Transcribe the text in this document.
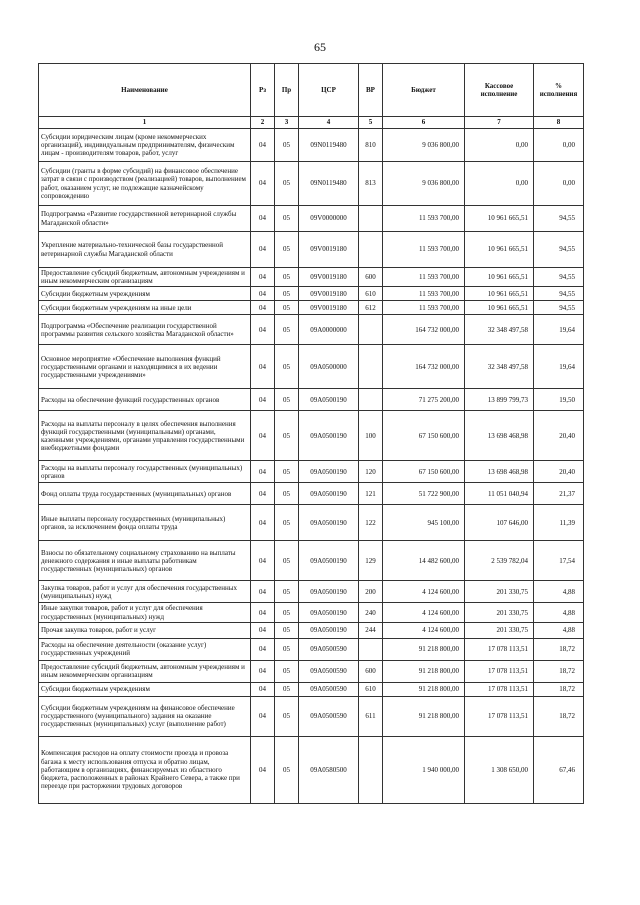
65
Наименование	Рз	Пр	ЦСР	ВР	Бюджет	Кассовое исполнение	% исполнения
1	2	3	4	5	6	7	8
Субсидии юридическим лицам (кроме некоммерческих организаций), индивидуальным предпринимателям, физическим лицам - производителям товаров, работ, услуг	04	05	09N0119480	810	9 036 800,00	0,00	0,00
Субсидии (гранты в форме субсидий) на финансовое обеспечение затрат в связи с производством (реализацией) товаров, выполнением работ, оказанием услуг, не подлежащие казначейскому сопровождению	04	05	09N0119480	813	9 036 800,00	0,00	0,00
Подпрограмма «Развитие государственной ветеринарной службы Магаданской области»	04	05	09V0000000		11 593 700,00	10 961 665,51	94,55
Укрепление материально-технической базы государственной ветеринарной службы Магаданской области	04	05	09V0019180		11 593 700,00	10 961 665,51	94,55
Предоставление субсидий бюджетным, автономным учреждениям и иным некоммерческим организациям	04	05	09V0019180	600	11 593 700,00	10 961 665,51	94,55
Субсидии бюджетным учреждениям	04	05	09V0019180	610	11 593 700,00	10 961 665,51	94,55
Субсидии бюджетным учреждениям на иные цели	04	05	09V0019180	612	11 593 700,00	10 961 665,51	94,55
Подпрограмма «Обеспечение реализации государственной программы развития сельского хозяйства Магаданской области»	04	05	09A0000000		164 732 000,00	32 348 497,58	19,64
Основное мероприятие «Обеспечение выполнения функций государственными органами и находящимися в их ведении государственными учреждениями»	04	05	09A0500000		164 732 000,00	32 348 497,58	19,64
Расходы на обеспечение функций государственных органов	04	05	09A0500190		71 275 200,00	13 899 799,73	19,50
Расходы на выплаты персоналу в целях обеспечения выполнения функций государственными (муниципальными) органами, казенными учреждениями, органами управления государственными внебюджетными фондами	04	05	09A0500190	100	67 150 600,00	13 698 468,98	20,40
Расходы на выплаты персоналу государственных (муниципальных) органов	04	05	09A0500190	120	67 150 600,00	13 698 468,98	20,40
Фонд оплаты труда государственных (муниципальных) органов	04	05	09A0500190	121	51 722 900,00	11 051 040,94	21,37
Иные выплаты персоналу государственных (муниципальных) органов, за исключением фонда оплаты труда	04	05	09A0500190	122	945 100,00	107 646,00	11,39
Взносы по обязательному социальному страхованию на выплаты денежного содержания и иные выплаты работникам государственных (муниципальных) органов	04	05	09A0500190	129	14 482 600,00	2 539 782,04	17,54
Закупка товаров, работ и услуг для обеспечения государственных (муниципальных) нужд	04	05	09A0500190	200	4 124 600,00	201 330,75	4,88
Иные закупки товаров, работ и услуг для обеспечения государственных (муниципальных) нужд	04	05	09A0500190	240	4 124 600,00	201 330,75	4,88
Прочая закупка товаров, работ и услуг	04	05	09A0500190	244	4 124 600,00	201 330,75	4,88
Расходы на обеспечение деятельности (оказание услуг) государственных учреждений	04	05	09A0500590		91 218 800,00	17 078 113,51	18,72
Предоставление субсидий бюджетным, автономным учреждениям и иным некоммерческим организациям	04	05	09A0500590	600	91 218 800,00	17 078 113,51	18,72
Субсидии бюджетным учреждениям	04	05	09A0500590	610	91 218 800,00	17 078 113,51	18,72
Субсидии бюджетным учреждениям на финансовое обеспечение государственного (муниципального) задания на оказание государственных (муниципальных) услуг (выполнение работ)	04	05	09A0500590	611	91 218 800,00	17 078 113,51	18,72
Компенсация расходов на оплату стоимости проезда и провоза багажа к месту использования отпуска и обратно лицам, работающим в организациях, финансируемых из областного бюджета, расположенных в районах Крайнего Севера, а также при переезде при расторжении трудовых договоров	04	05	09A0580500		1 940 000,00	1 308 650,00	67,46
